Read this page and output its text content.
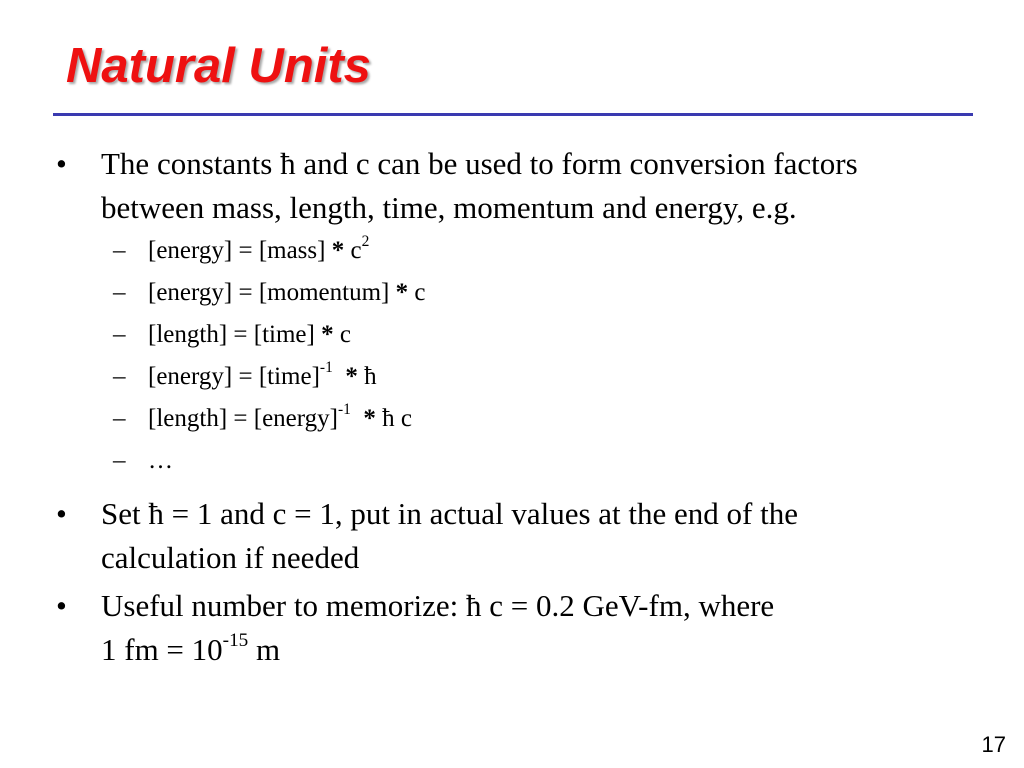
Natural Units
•	The constants ħ and c can be used to form conversion factors
between mass, length, time, momentum and energy, e.g.
– [energy] = [mass] * $c^2$
– [energy] = [momentum] * c
– [length] = [time] * c
– [energy] = [time]$^{-1}$ * ħ
– [length] = [energy]$^{-1}$ * ħ c
– …
•	Set ħ = 1 and c = 1, put in actual values at the end of the
calculation if needed
•	Useful number to memorize: ħ c = 0.2 GeV-fm, where
1 fm = $10^{-15}$ m
17
